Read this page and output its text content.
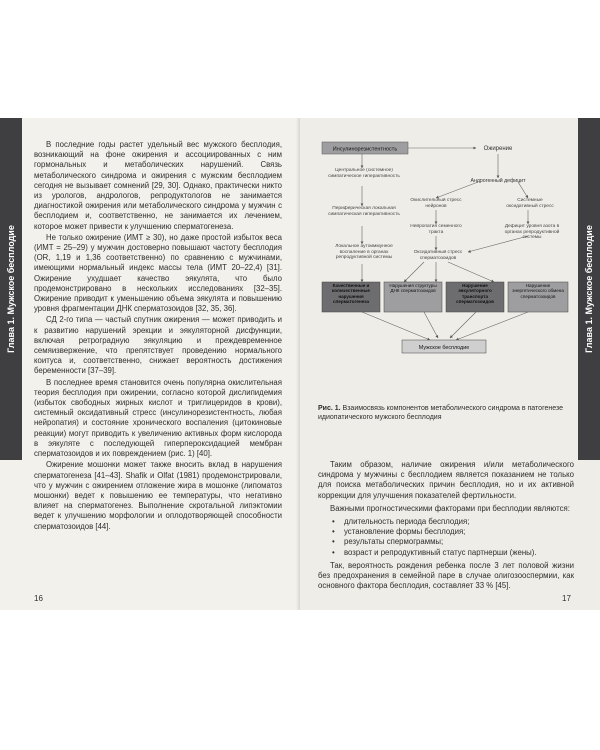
Глава 1. Мужское бесплодие

В последние годы растет удельный вес мужского бесплодия, возникающий на фоне ожирения и ассоциированных с ним гормональных и метаболических нарушений. Связь метаболического синдрома и ожирения с мужским бесплодием сегодня не вызывает сомнений [29, 30]. Однако, практически никто из урологов, андрологов, репродуктологов не занимается диагностикой ожирения или метаболического синдрома у мужчин с бесплодием и, соответственно, не занимается их лечением, которое может привести к улучшению сперматогенеза.

Не только ожирение (ИМТ ≥ 30), но даже простой избыток веса (ИМТ = 25–29) у мужчин достоверно повышают частоту бесплодия (OR, 1,19 и 1,36 соответственно) по сравнению с мужчинами, имеющими нормальный индекс массы тела (ИМТ 20–22,4) [31]. Ожирение ухудшает качество эякулята, что было продемонстрировано в нескольких исследованиях [32–35]. Ожирение приводит к уменьшению объема эякулята и повышению уровня фрагментации ДНК сперматозоидов [32, 35, 36].

СД 2-го типа — частый спутник ожирения — может приводить и к развитию нарушений эрекции и эякуляторной дисфункции, включая ретроградную эякуляцию и преждевременное семяизвержение, что препятствует проведению нормального коитуса и, соответственно, снижает вероятность достижения беременности [37–39].

В последнее время становится очень популярна окислительная теория бесплодия при ожирении, согласно которой дислипидемия (избыток свободных жирных кислот и триглицеридов в крови), системный оксидативный стресс (инсулинорезистентность, любая нейропатия) и состояние хронического воспаления (цитокиновые реакции) могут приводить к увеличению активных форм кислорода в эякуляте с последующей гиперпероксидацией мембран сперматозоидов и их повреждением (рис. 1) [40].

Ожирение мошонки может также вносить вклад в нарушения сперматогенеза [41–43]. Shafik и Olfat (1981) продемонстрировали, что у мужчин с ожирением отложение жира в мошонке (липоматоз мошонки) ведет к повышению ее температуры, что негативно влияет на сперматогенез. Выполнение скротальной липэктомии ведет к улучшению морфологии и оплодотворяющей способности сперматозоидов [44].

16
Глава 1. Мужское бесплодие
17
Инсулинорезистентность	Ожирение
Центральное (системное) симпатическое гиперактивность
Андрогенный дефицит
Окислительный стресс нейронов
Системные оксидативный стресс
Периферическая локальная симпатическая гиперактивность
Нейропатия семенного тракта
Дефицит уровня азота в органах репродуктивной системы
Локальное аутоиммунное воспаление в органах репродуктивной системы
Оксидативный стресс сперматозоидов
Качественные и количественные нарушения сперматогенеза
Нарушения структуры ДНК сперматозоидов
Нарушение эякуляторного транспорта сперматозоидов
Нарушение энергетического обмена сперматозоидов
Мужское бесплодие
Рис. 1. Взаимосвязь компонентов метаболического синдрома в патогенезе идиопатического мужского бесплодия

Таким образом, наличие ожирения и/или метаболического синдрома у мужчины с бесплодием является показанием не только для поиска метаболических причин бесплодия, но и их активной коррекции для улучшения показателей фертильности.

Важными прогностическими факторами при бесплодии являются:

• длительность периода бесплодия;
• установление формы бесплодия;
• результаты спермограммы;
• возраст и репродуктивный статус партнерши (жены).

Так, вероятность рождения ребенка после 3 лет половой жизни без предохранения в семейной паре в случае олигозооспермии, как основного фактора бесплодия, составляет 33 % [45].
